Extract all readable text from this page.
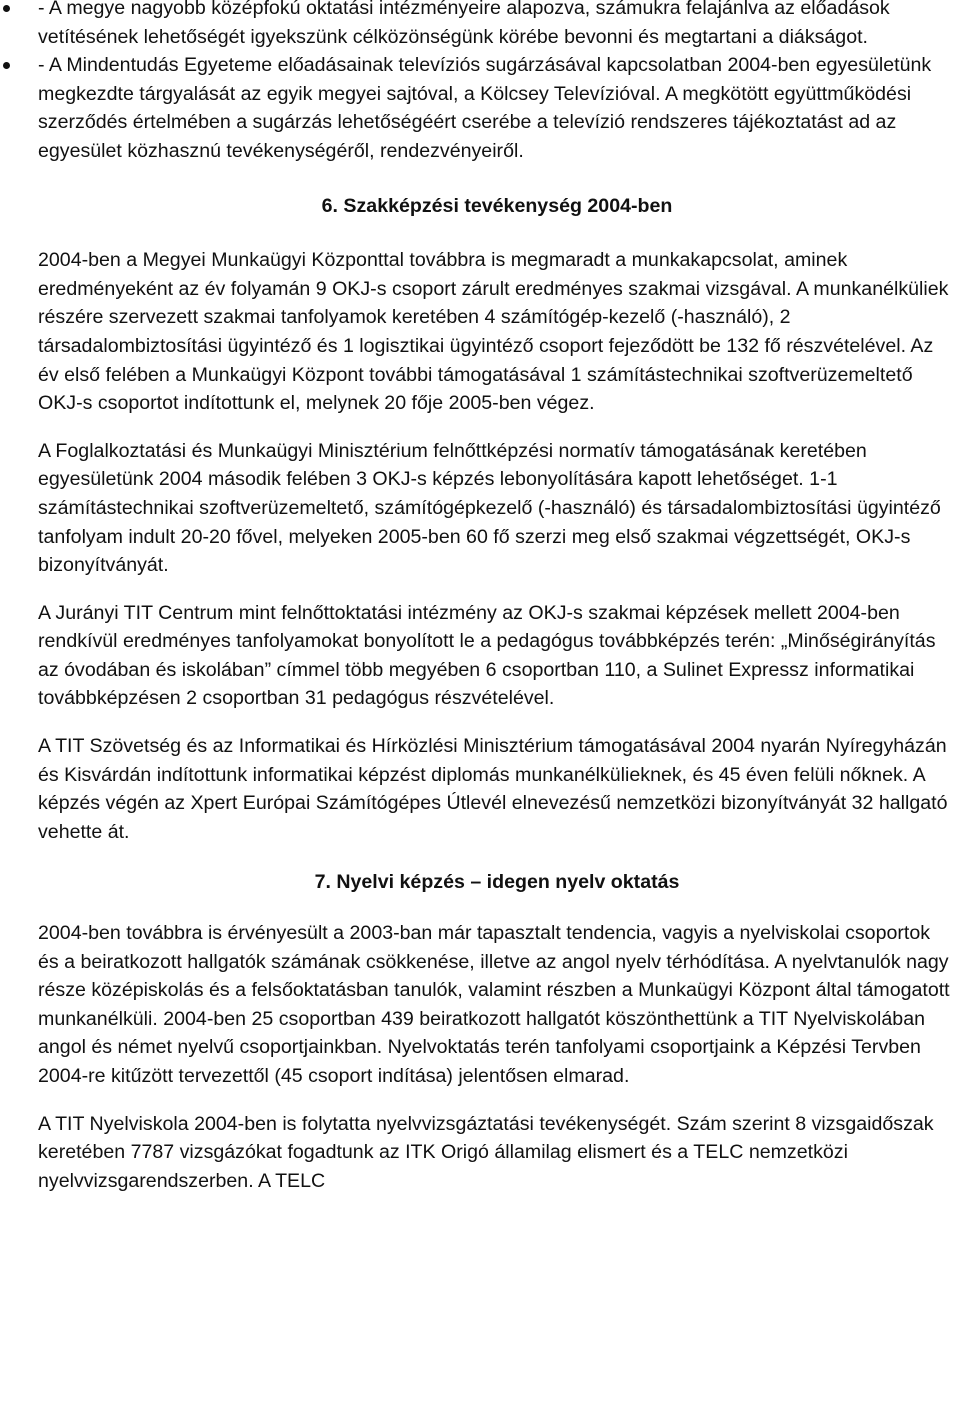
- A megye nagyobb középfokú oktatási intézményeire alapozva, számukra felajánlva az előadások vetítésének lehetőségét igyekszünk célközönségünk körébe bevonni és megtartani a diákságot.
- A Mindentudás Egyeteme előadásainak televíziós sugárzásával kapcsolatban 2004-ben egyesületünk megkezdte tárgyalását az egyik megyei sajtóval, a Kölcsey Televízióval. A megkötött együttműködési szerződés értelmében a sugárzás lehetőségéért cserébe a televízió rendszeres tájékoztatást ad az egyesület közhasznú tevékenységéről, rendezvényeiről.
6. Szakképzési tevékenység 2004-ben

2004-ben a Megyei Munkaügyi Központtal továbbra is megmaradt a munkakapcsolat, aminek eredményeként az év folyamán 9 OKJ-s csoport zárult eredményes szakmai vizsgával. A munkanélküliek részére szervezett szakmai tanfolyamok keretében 4 számítógép-kezelő (-használó), 2 társadalombiztosítási ügyintéző és 1 logisztikai ügyintéző csoport fejeződött be 132 fő részvételével. Az év első felében a Munkaügyi Központ további támogatásával 1 számítástechnikai szoftverüzemeltető OKJ-s csoportot indítottunk el, melynek 20 fője 2005-ben végez.

A Foglalkoztatási és Munkaügyi Minisztérium felnőttképzési normatív támogatásának keretében egyesületünk 2004 második felében 3 OKJ-s képzés lebonyolítására kapott lehetőséget. 1-1 számítástechnikai szoftverüzemeltető, számítógépkezelő (-használó) és társadalombiztosítási ügyintéző tanfolyam indult 20-20 fővel, melyeken 2005-ben 60 fő szerzi meg első szakmai végzettségét, OKJ-s bizonyítványát.

A Jurányi TIT Centrum mint felnőttoktatási intézmény az OKJ-s szakmai képzések mellett 2004-ben rendkívül eredményes tanfolyamokat bonyolított le a pedagógus továbbképzés terén: „Minőségirányítás az óvodában és iskolában” címmel több megyében 6 csoportban 110, a Sulinet Expressz informatikai továbbképzésen 2 csoportban 31 pedagógus részvételével.

A TIT Szövetség és az Informatikai és Hírközlési Minisztérium támogatásával 2004 nyarán Nyíregyházán és Kisvárdán indítottunk informatikai képzést diplomás munkanélkülieknek, és 45 éven felüli nőknek. A képzés végén az Xpert Európai Számítógépes Útlevél elnevezésű nemzetközi bizonyítványát 32 hallgató vehette át.

7. Nyelvi képzés – idegen nyelv oktatás

2004-ben továbbra is érvényesült a 2003-ban már tapasztalt tendencia, vagyis a nyelviskolai csoportok és a beiratkozott hallgatók számának csökkenése, illetve az angol nyelv térhódítása. A nyelvtanulók nagy része középiskolás és a felsőoktatásban tanulók, valamint részben a Munkaügyi Központ által támogatott munkanélküli. 2004-ben 25 csoportban 439 beiratkozott hallgatót köszönthettünk a TIT Nyelviskolában angol és német nyelvű csoportjainkban. Nyelvoktatás terén tanfolyami csoportjaink a Képzési Tervben 2004-re kitűzött tervezettől (45 csoport indítása) jelentősen elmarad.

A TIT Nyelviskola 2004-ben is folytatta nyelvvizsgáztatási tevékenységét. Szám szerint 8 vizsgaidőszak keretében 7787 vizsgázókat fogadtunk az ITK Origó államilag elismert és a TELC nemzetközi nyelvvizsgarendszerben. A TELC
